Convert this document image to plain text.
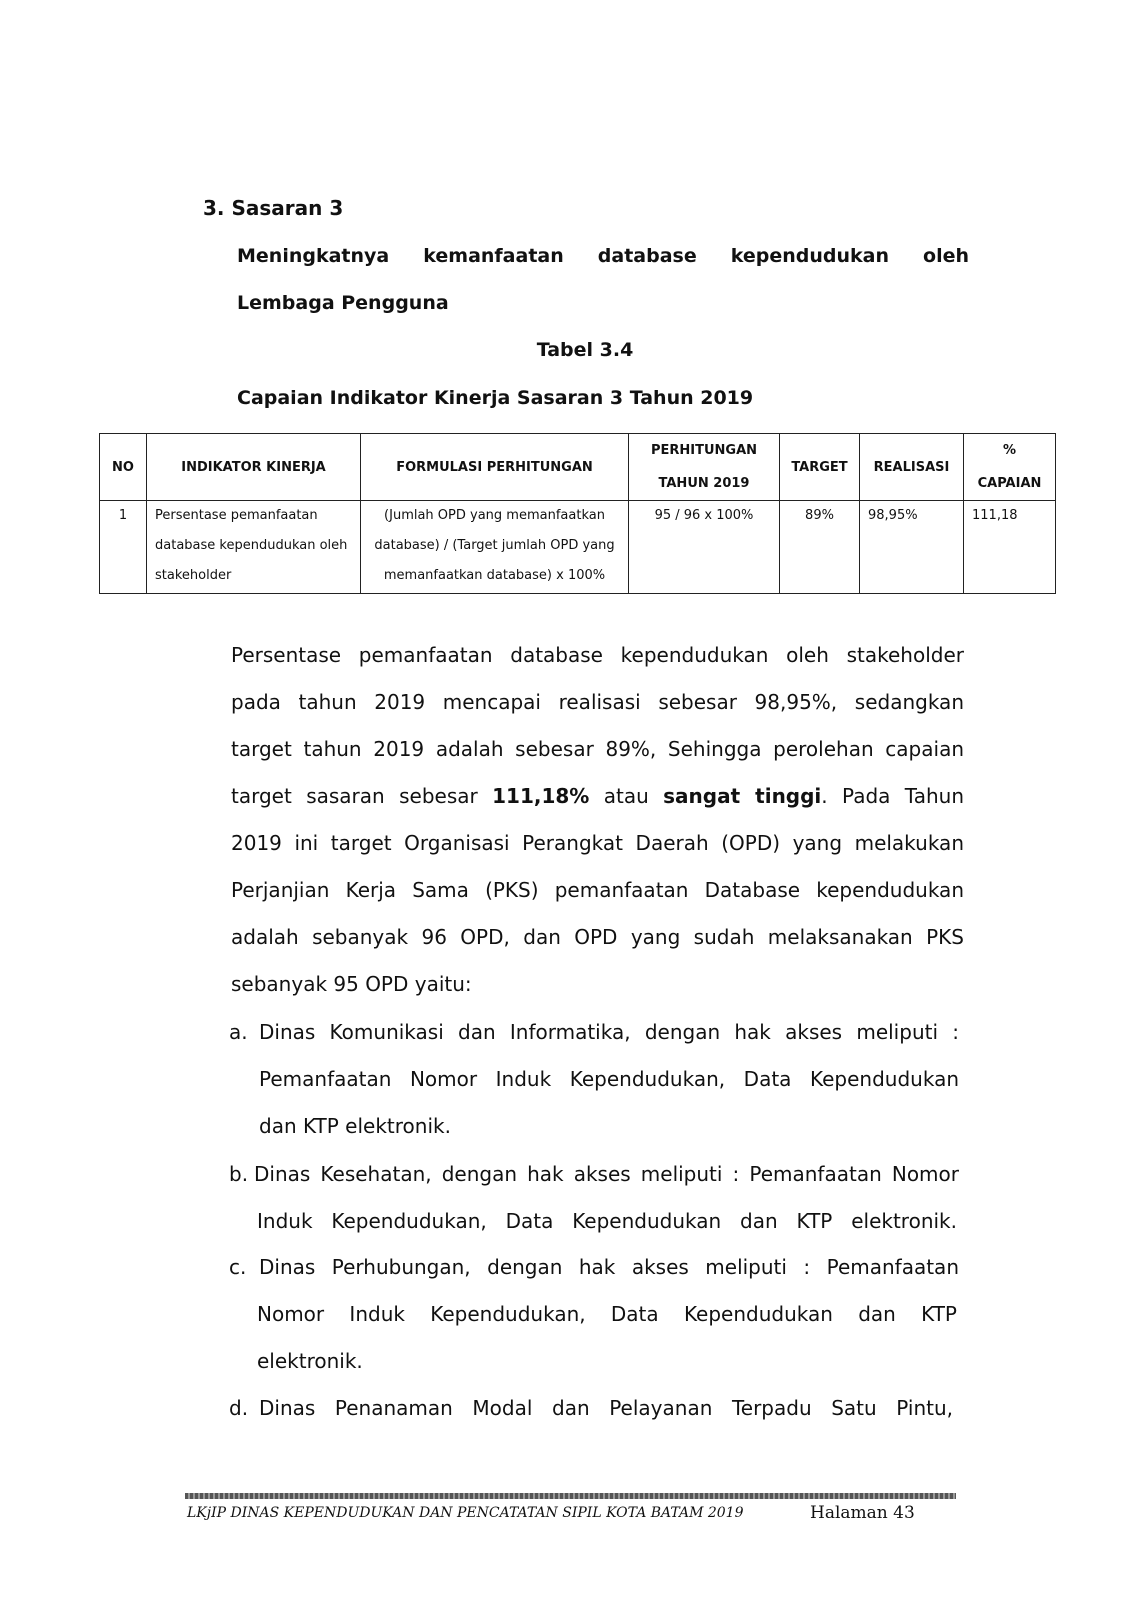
3. Sasaran 3
Meningkatnya kemanfaatan database kependudukan oleh
Lembaga Pengguna
Tabel 3.4
Capaian Indikator Kinerja Sasaran 3 Tahun 2019
NO	INDIKATOR KINERJA	FORMULASI PERHITUNGAN	PERHITUNGAN TAHUN 2019	TARGET	REALISASI	% CAPAIAN
1	Persentase pemanfaatan database kependudukan oleh stakeholder	(Jumlah OPD yang memanfaatkan database) / (Target jumlah OPD yang memanfaatkan database) x 100%	95 / 96 x 100%	89%	98,95%	111,18
Persentase pemanfaatan database kependudukan oleh stakeholder
pada tahun 2019 mencapai realisasi sebesar 98,95%, sedangkan
target tahun 2019 adalah sebesar 89%, Sehingga perolehan capaian
target sasaran sebesar 111,18% atau sangat tinggi. Pada Tahun
2019 ini target Organisasi Perangkat Daerah (OPD) yang melakukan
Perjanjian Kerja Sama (PKS) pemanfaatan Database kependudukan
adalah sebanyak 96 OPD, dan OPD yang sudah melaksanakan PKS
sebanyak 95 OPD yaitu:
a. Dinas Komunikasi dan Informatika, dengan hak akses meliputi :
Pemanfaatan Nomor Induk Kependudukan, Data Kependudukan
dan KTP elektronik.
b. Dinas Kesehatan, dengan hak akses meliputi : Pemanfaatan Nomor
Induk Kependudukan, Data Kependudukan dan KTP elektronik.
c. Dinas Perhubungan, dengan hak akses meliputi : Pemanfaatan
Nomor Induk Kependudukan, Data Kependudukan dan KTP
elektronik.
d. Dinas Penanaman Modal dan Pelayanan Terpadu Satu Pintu,
LKjIP DINAS KEPENDUDUKAN DAN PENCATATAN SIPIL KOTA BATAM 2019	Halaman 43
